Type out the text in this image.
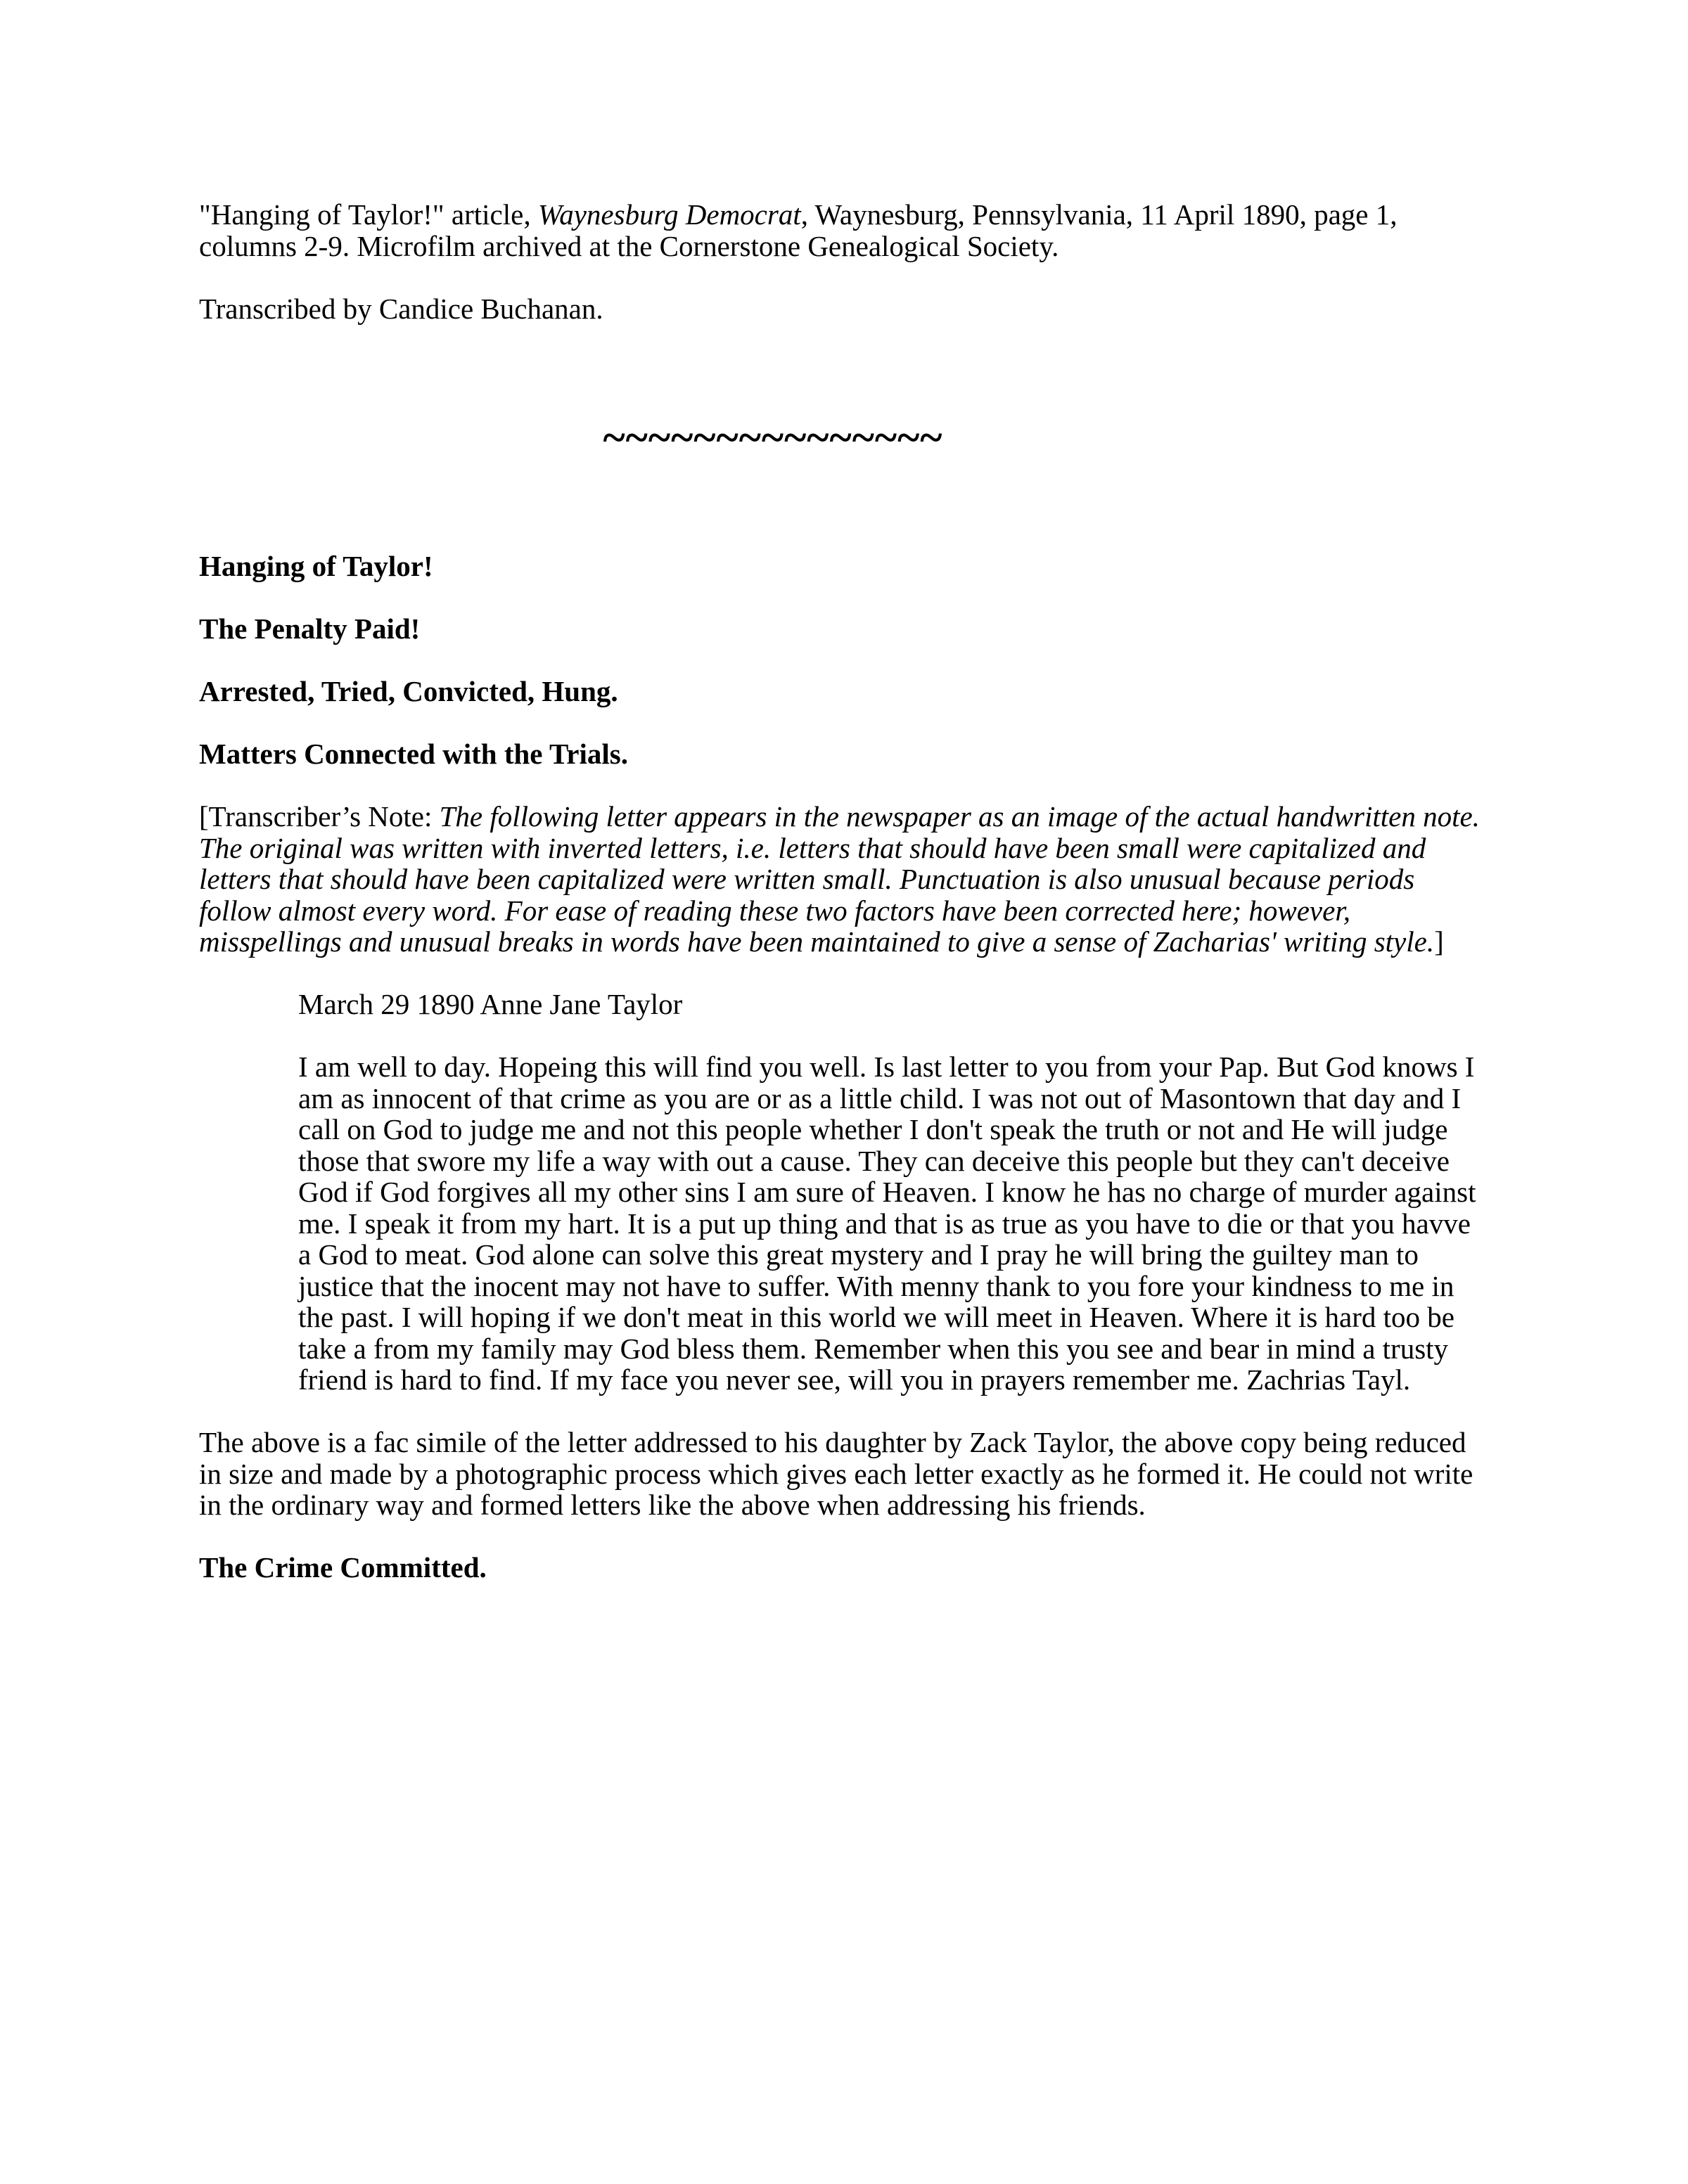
"Hanging of Taylor!" article, Waynesburg Democrat, Waynesburg, Pennsylvania, 11 April 1890, page 1, columns 2-9. Microfilm archived at the Cornerstone Genealogical Society.

Transcribed by Candice Buchanan.

~~~~~~~~~~~~~~~

Hanging of Taylor!

The Penalty Paid!

Arrested, Tried, Convicted, Hung.

Matters Connected with the Trials.

[Transcriber’s Note: The following letter appears in the newspaper as an image of the actual handwritten note. The original was written with inverted letters, i.e. letters that should have been small were capitalized and letters that should have been capitalized were written small. Punctuation is also unusual because periods follow almost every word. For ease of reading these two factors have been corrected here; however, misspellings and unusual breaks in words have been maintained to give a sense of Zacharias' writing style.]

March 29 1890 Anne Jane Taylor

I am well to day. Hopeing this will find you well. Is last letter to you from your Pap. But God knows I am as innocent of that crime as you are or as a little child. I was not out of Masontown that day and I call on God to judge me and not this people whether I don't speak the truth or not and He will judge those that swore my life a way with out a cause. They can deceive this people but they can't deceive God if God forgives all my other sins I am sure of Heaven. I know he has no charge of murder against me. I speak it from my hart. It is a put up thing and that is as true as you have to die or that you havve a God to meat. God alone can solve this great mystery and I pray he will bring the guiltey man to justice that the inocent may not have to suffer. With menny thank to you fore your kindness to me in the past. I will hoping if we don't meat in this world we will meet in Heaven. Where it is hard too be take a from my family may God bless them. Remember when this you see and bear in mind a trusty friend is hard to find. If my face you never see, will you in prayers remember me. Zachrias Tayl.

The above is a fac simile of the letter addressed to his daughter by Zack Taylor, the above copy being reduced in size and made by a photographic process which gives each letter exactly as he formed it. He could not write in the ordinary way and formed letters like the above when addressing his friends.

The Crime Committed.
